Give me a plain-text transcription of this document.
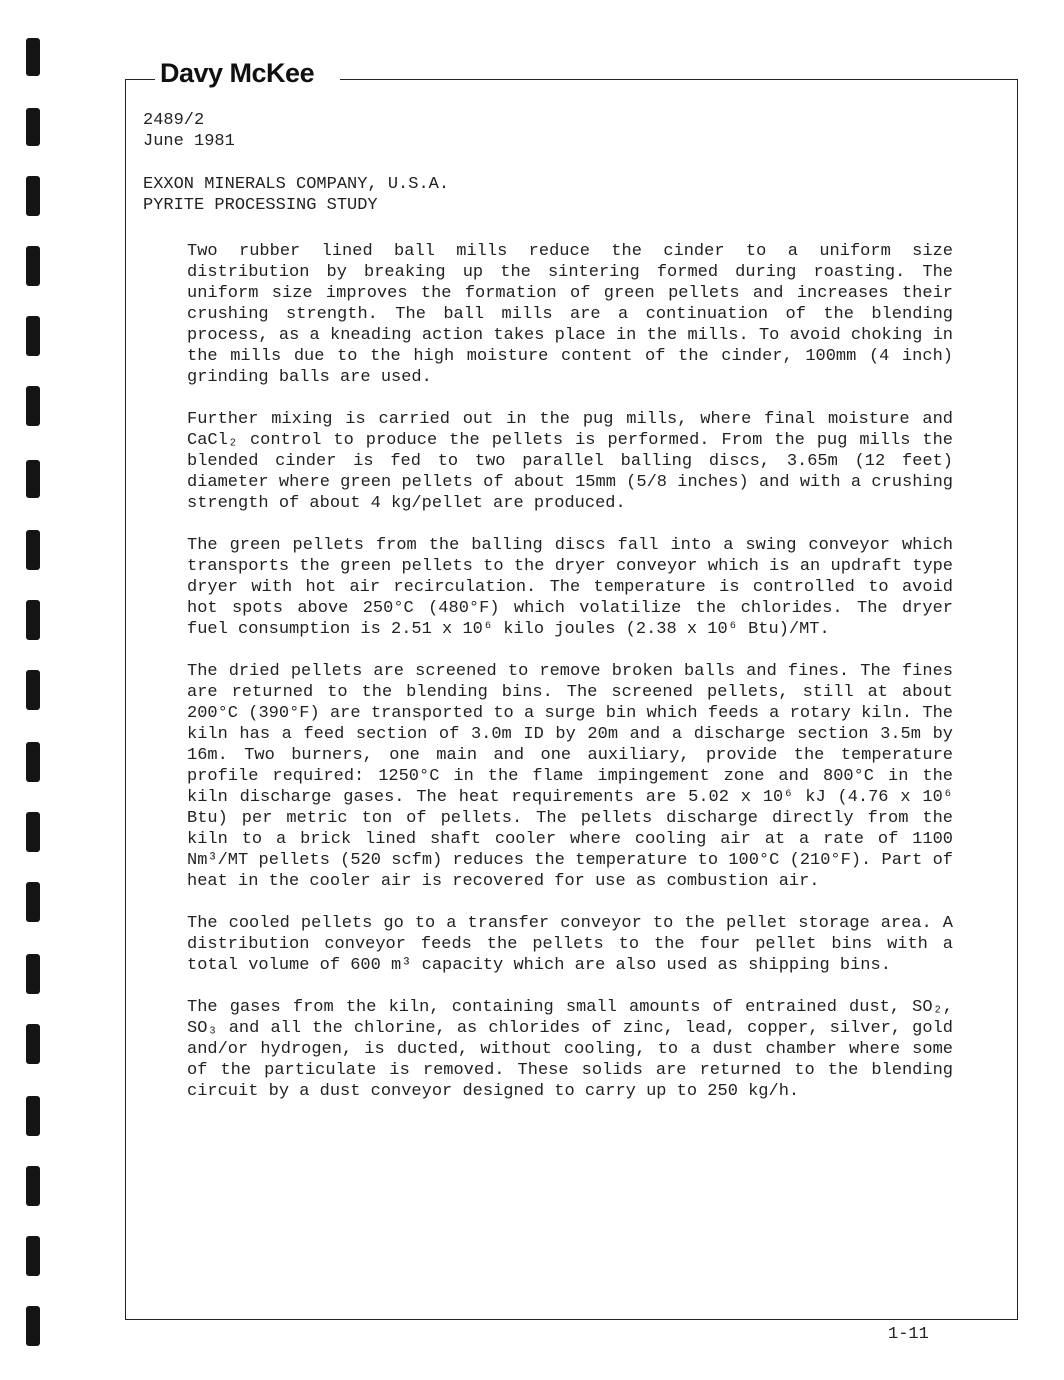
Davy McKee
2489/2
June 1981
EXXON MINERALS COMPANY, U.S.A.
PYRITE PROCESSING STUDY

Two rubber lined ball mills reduce the cinder to a uniform size distribution by breaking up the sintering formed during roasting. The uniform size improves the formation of green pellets and increases their crushing strength. The ball mills are a continuation of the blending process, as a kneading action takes place in the mills. To avoid choking in the mills due to the high moisture content of the cinder, 100mm (4 inch) grinding balls are used.

Further mixing is carried out in the pug mills, where final moisture and CaCl₂ control to produce the pellets is performed. From the pug mills the blended cinder is fed to two parallel balling discs, 3.65m (12 feet) diameter where green pellets of about 15mm (5/8 inches) and with a crushing strength of about 4 kg/pellet are produced.

The green pellets from the balling discs fall into a swing conveyor which transports the green pellets to the dryer conveyor which is an updraft type dryer with hot air recirculation. The temperature is controlled to avoid hot spots above 250°C (480°F) which volatilize the chlorides. The dryer fuel consumption is 2.51 x 10⁶ kilo joules (2.38 x 10⁶ Btu)/MT.

The dried pellets are screened to remove broken balls and fines. The fines are returned to the blending bins. The screened pellets, still at about 200°C (390°F) are transported to a surge bin which feeds a rotary kiln. The kiln has a feed section of 3.0m ID by 20m and a discharge section 3.5m by 16m. Two burners, one main and one auxiliary, provide the temperature profile required: 1250°C in the flame impingement zone and 800°C in the kiln discharge gases. The heat requirements are 5.02 x 10⁶ kJ (4.76 x 10⁶ Btu) per metric ton of pellets. The pellets discharge directly from the kiln to a brick lined shaft cooler where cooling air at a rate of 1100 Nm³/MT pellets (520 scfm) reduces the temperature to 100°C (210°F). Part of heat in the cooler air is recovered for use as combustion air.

The cooled pellets go to a transfer conveyor to the pellet storage area. A distribution conveyor feeds the pellets to the four pellet bins with a total volume of 600 m³ capacity which are also used as shipping bins.

The gases from the kiln, containing small amounts of entrained dust, SO₂, SO₃ and all the chlorine, as chlorides of zinc, lead, copper, silver, gold and/or hydrogen, is ducted, without cooling, to a dust chamber where some of the particulate is removed. These solids are returned to the blending circuit by a dust conveyor designed to carry up to 250 kg/h.

1-11
